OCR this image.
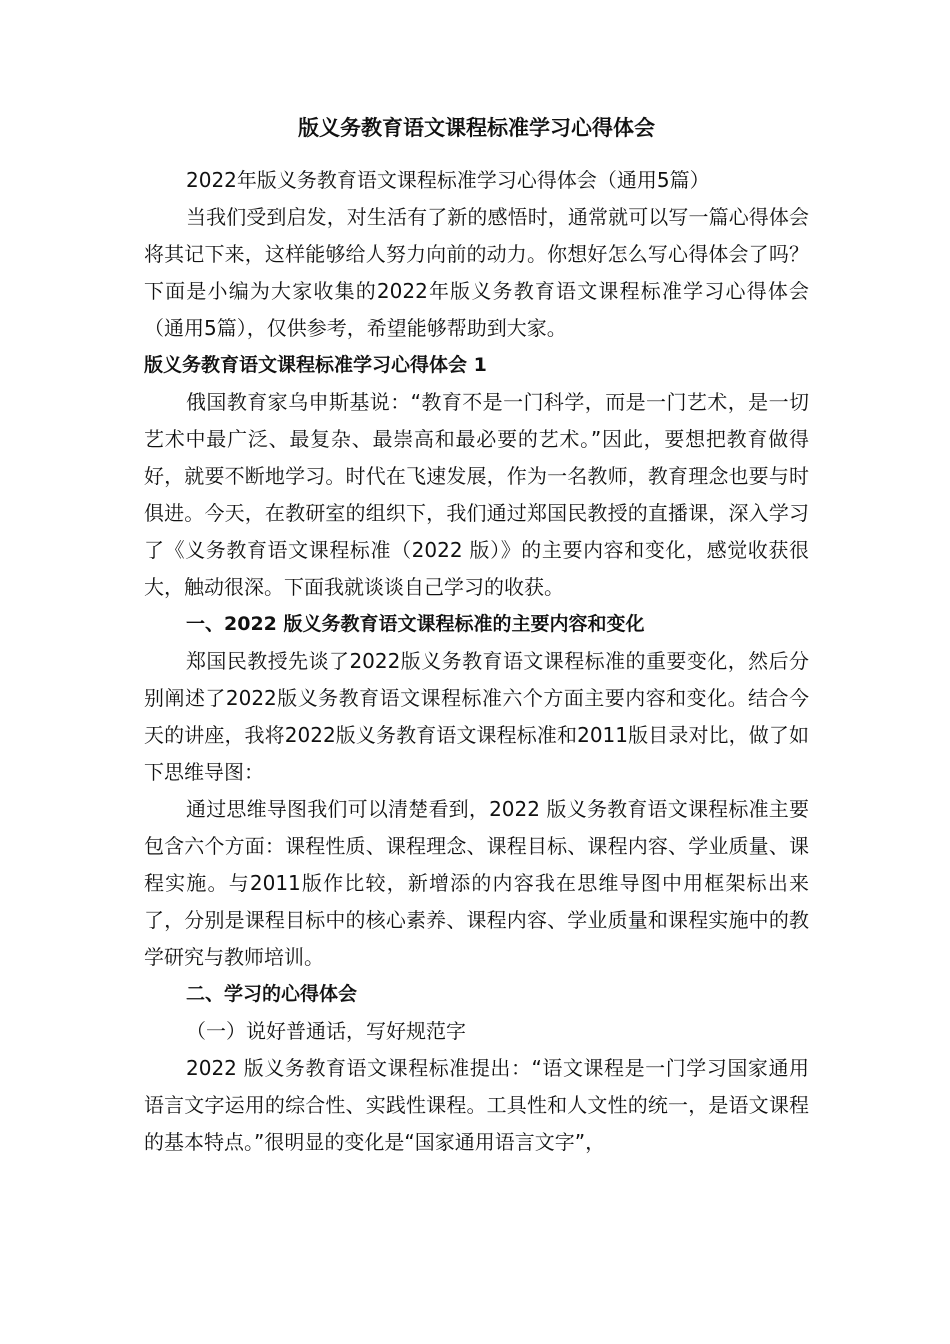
版义务教育语文课程标准学习心得体会

2022年版义务教育语文课程标准学习心得体会（通用5篇）

当我们受到启发，对生活有了新的感悟时，通常就可以写一篇心得体会将其记下来，这样能够给人努力向前的动力。你想好怎么写心得体会了吗？下面是小编为大家收集的2022年版义务教育语文课程标准学习心得体会（通用5篇），仅供参考，希望能够帮助到大家。

版义务教育语文课程标准学习心得体会 1

俄国教育家乌申斯基说：“教育不是一门科学，而是一门艺术，是一切艺术中最广泛、最复杂、最崇高和最必要的艺术。”因此，要想把教育做得好，就要不断地学习。时代在飞速发展，作为一名教师，教育理念也要与时俱进。今天，在教研室的组织下，我们通过郑国民教授的直播课，深入学习了《义务教育语文课程标准（2022 版）》的主要内容和变化，感觉收获很大，触动很深。下面我就谈谈自己学习的收获。

一、2022 版义务教育语文课程标准的主要内容和变化

郑国民教授先谈了2022版义务教育语文课程标准的重要变化，然后分别阐述了2022版义务教育语文课程标准六个方面主要内容和变化。结合今天的讲座，我将2022版义务教育语文课程标准和2011版目录对比，做了如下思维导图：

通过思维导图我们可以清楚看到，2022 版义务教育语文课程标准主要包含六个方面：课程性质、课程理念、课程目标、课程内容、学业质量、课程实施。与2011版作比较，新增添的内容我在思维导图中用框架标出来了，分别是课程目标中的核心素养、课程内容、学业质量和课程实施中的教学研究与教师培训。

二、学习的心得体会

（一）说好普通话，写好规范字

2022 版义务教育语文课程标准提出：“语文课程是一门学习国家通用语言文字运用的综合性、实践性课程。工具性和人文性的统一，是语文课程的基本特点。”很明显的变化是“国家通用语言文字”，
